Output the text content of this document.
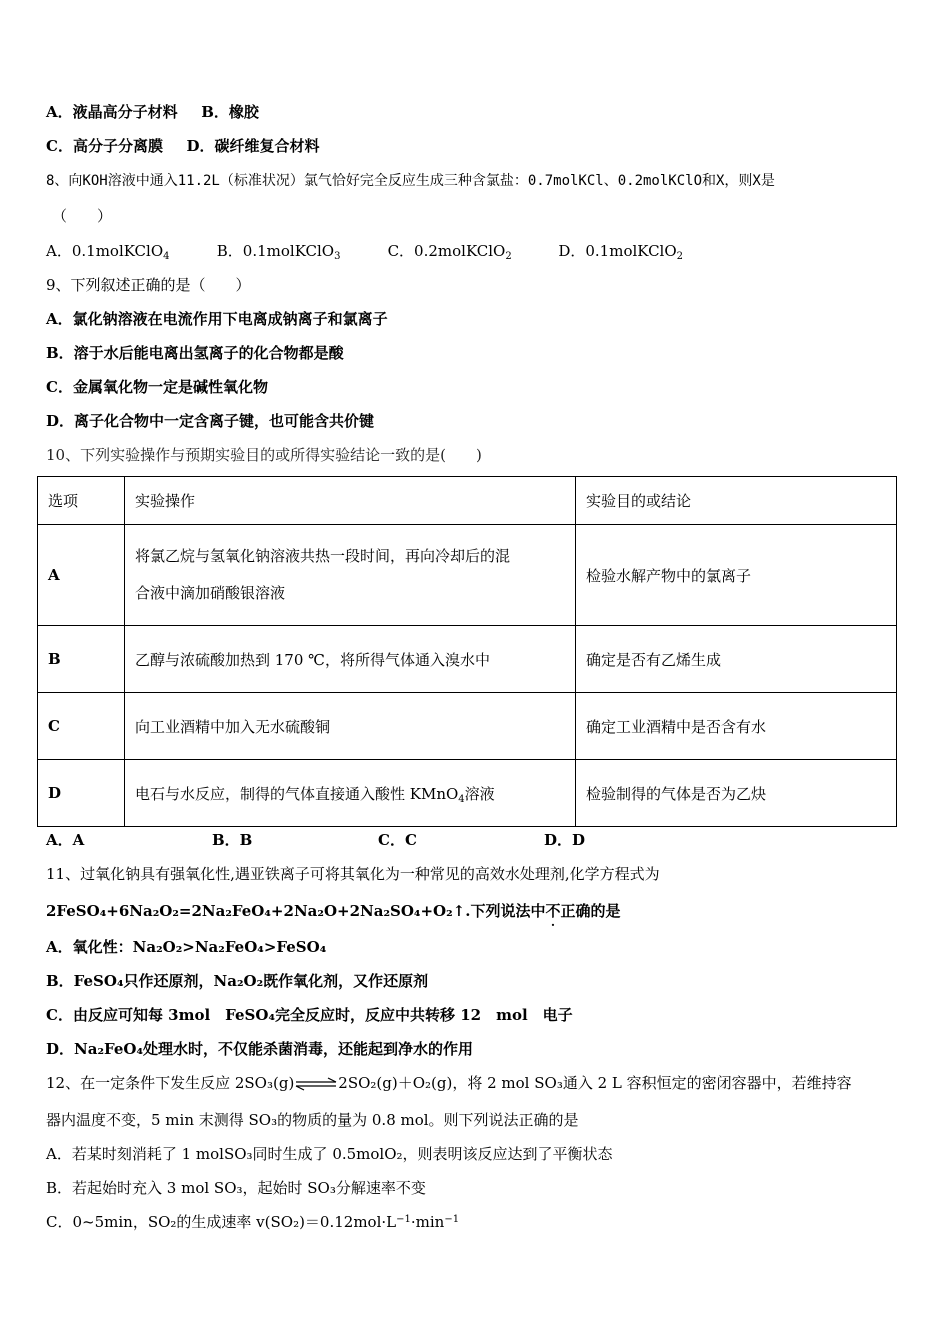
A．液晶高分子材料 B．橡胶
C．高分子分离膜 D．碳纤维复合材料
8、向KOH溶液中通入11.2L（标准状况）氯气恰好完全反应生成三种含氯盐：0.7molKCl、0.2molKClO和X，则X是
（　　）
A．0.1molKClO$_4$	B．0.1molKClO$_3$	C．0.2molKClO$_2$	D．0.1molKClO$_2$
9、下列叙述正确的是（　　）
A．氯化钠溶液在电流作用下电离成钠离子和氯离子
B．溶于水后能电离出氢离子的化合物都是酸
C．金属氧化物一定是碱性氧化物
D．离子化合物中一定含离子键，也可能含共价键
10、下列实验操作与预期实验目的或所得实验结论一致的是(　　)
选项	实验操作	实验目的或结论
A	将氯乙烷与氢氧化钠溶液共热一段时间，再向冷却后的混
合液中滴加硝酸银溶液	检验水解产物中的氯离子
B	乙醇与浓硫酸加热到 170 ℃，将所得气体通入溴水中	确定是否有乙烯生成
C	向工业酒精中加入无水硫酸铜	确定工业酒精中是否含有水
D	电石与水反应，制得的气体直接通入酸性 KMnO$_4$溶液	检验制得的气体是否为乙炔
A．A	B．B	C．C	D．D
11、过氧化钠具有强氧化性,遇亚铁离子可将其氧化为一种常见的高效水处理剂,化学方程式为
2FeSO₄+6Na₂O₂=2Na₂FeO₄+2Na₂O+2Na₂SO₄+O₂↑.下列说法中不正确的是
A．氧化性：Na₂O₂>Na₂FeO₄>FeSO₄
B．FeSO₄只作还原剂，Na₂O₂既作氧化剂，又作还原剂
C．由反应可知每 3mol　FeSO₄完全反应时，反应中共转移 12　mol　电子
D．Na₂FeO₄处理水时，不仅能杀菌消毒，还能起到净水的作用
12、在一定条件下发生反应 2SO₃(g)⇌2SO₂(g)＋O₂(g)，将 2 mol SO₃通入 2 L 容积恒定的密闭容器中，若维持容
器内温度不变，5 min 末测得 SO₃的物质的量为 0.8 mol。则下列说法正确的是
A．若某时刻消耗了 1 molSO₃同时生成了 0.5molO₂，则表明该反应达到了平衡状态
B．若起始时充入 3 mol SO₃，起始时 SO₃分解速率不变
C．0~5min，SO₂的生成速率 $v(SO_2)=0.12mol\cdot L^{-1}\cdot\min^{-1}$
